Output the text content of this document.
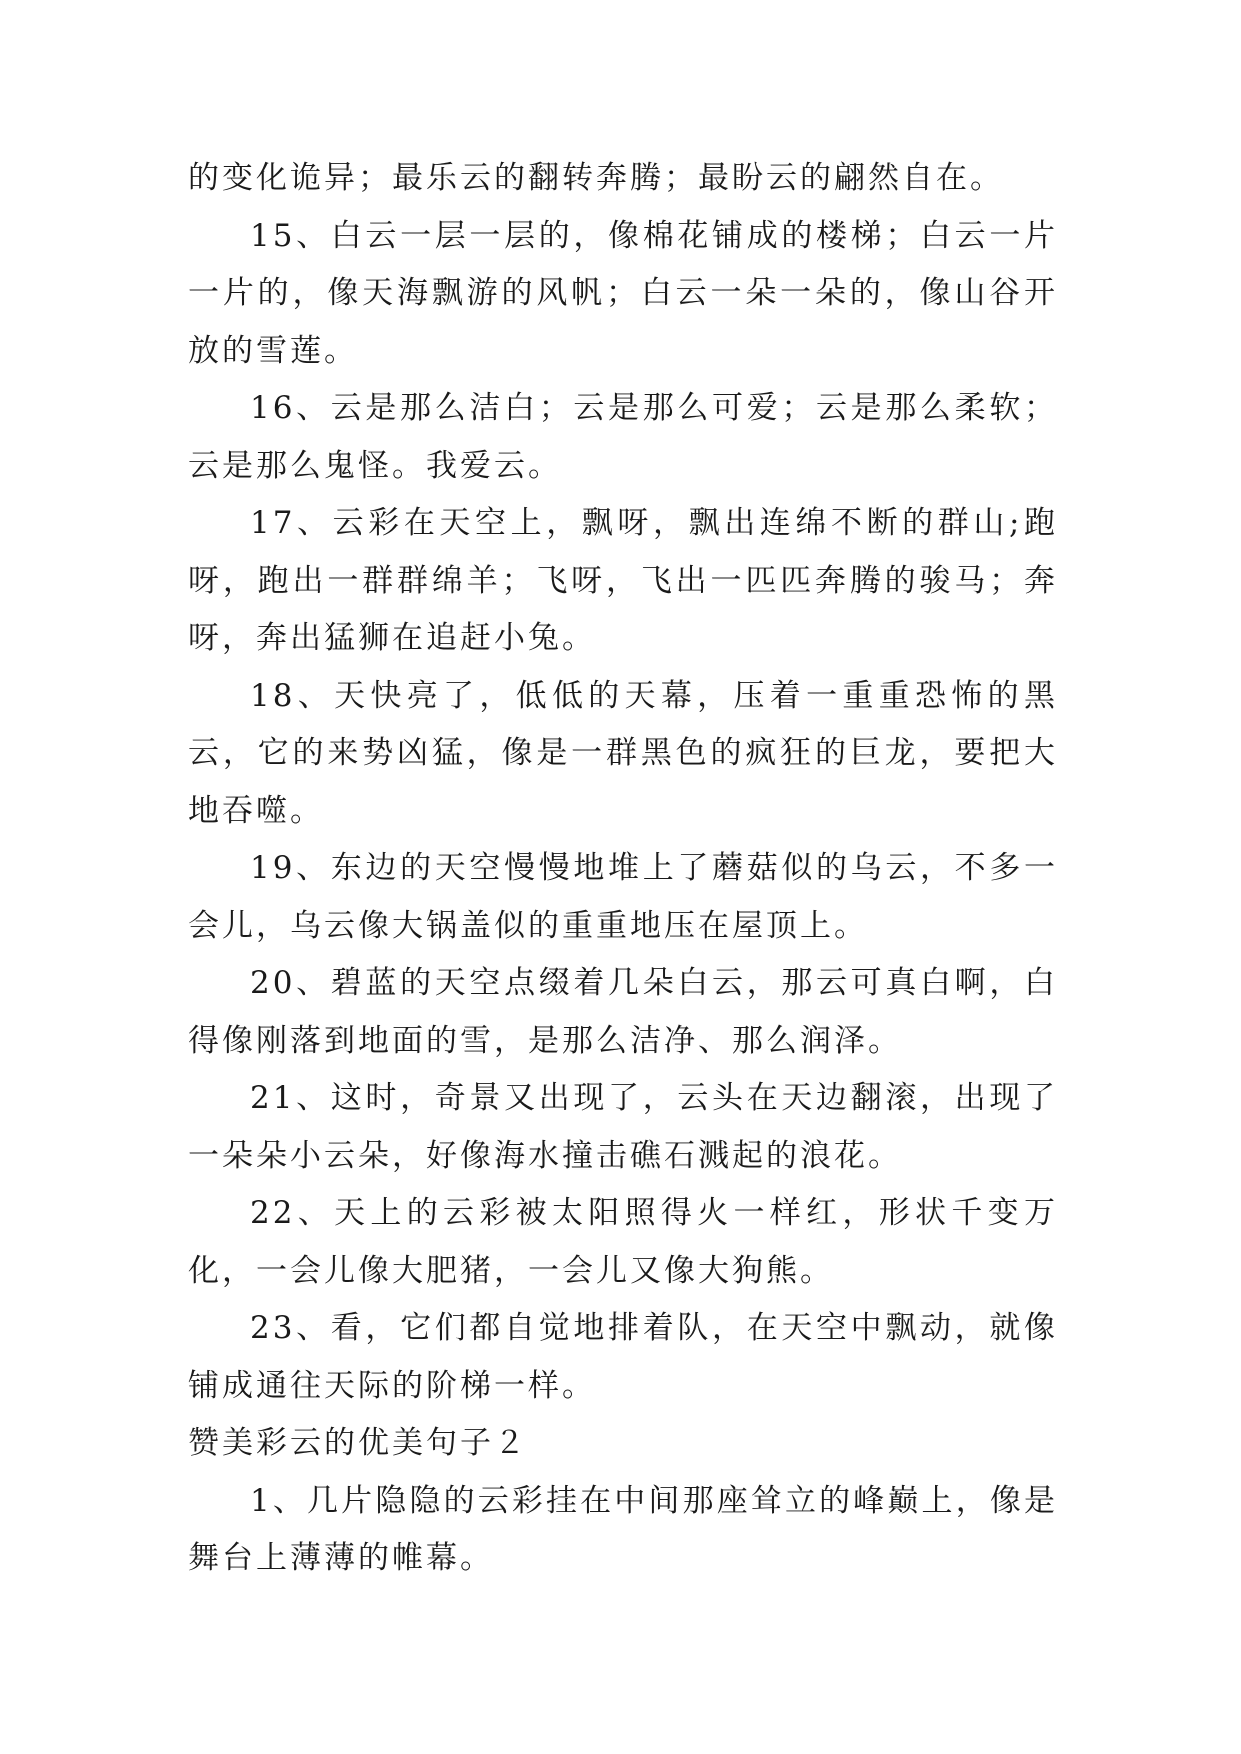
的变化诡异；最乐云的翻转奔腾；最盼云的翩然自在。

15、白云一层一层的，像棉花铺成的楼梯；白云一片一片的，像天海飘游的风帆；白云一朵一朵的，像山谷开放的雪莲。

16、云是那么洁白；云是那么可爱；云是那么柔软；云是那么鬼怪。我爱云。

17、云彩在天空上，飘呀，飘出连绵不断的群山;跑呀，跑出一群群绵羊；飞呀，飞出一匹匹奔腾的骏马；奔呀，奔出猛狮在追赶小兔。

18、天快亮了，低低的天幕，压着一重重恐怖的黑云，它的来势凶猛，像是一群黑色的疯狂的巨龙，要把大地吞噬。

19、东边的天空慢慢地堆上了蘑菇似的乌云，不多一会儿，乌云像大锅盖似的重重地压在屋顶上。

20、碧蓝的天空点缀着几朵白云，那云可真白啊，白得像刚落到地面的雪，是那么洁净、那么润泽。

21、这时，奇景又出现了，云头在天边翻滚，出现了一朵朵小云朵，好像海水撞击礁石溅起的浪花。

22、天上的云彩被太阳照得火一样红，形状千变万化，一会儿像大肥猪，一会儿又像大狗熊。

23、看，它们都自觉地排着队，在天空中飘动，就像铺成通往天际的阶梯一样。

赞美彩云的优美句子２

1、几片隐隐的云彩挂在中间那座耸立的峰巅上，像是舞台上薄薄的帷幕。
